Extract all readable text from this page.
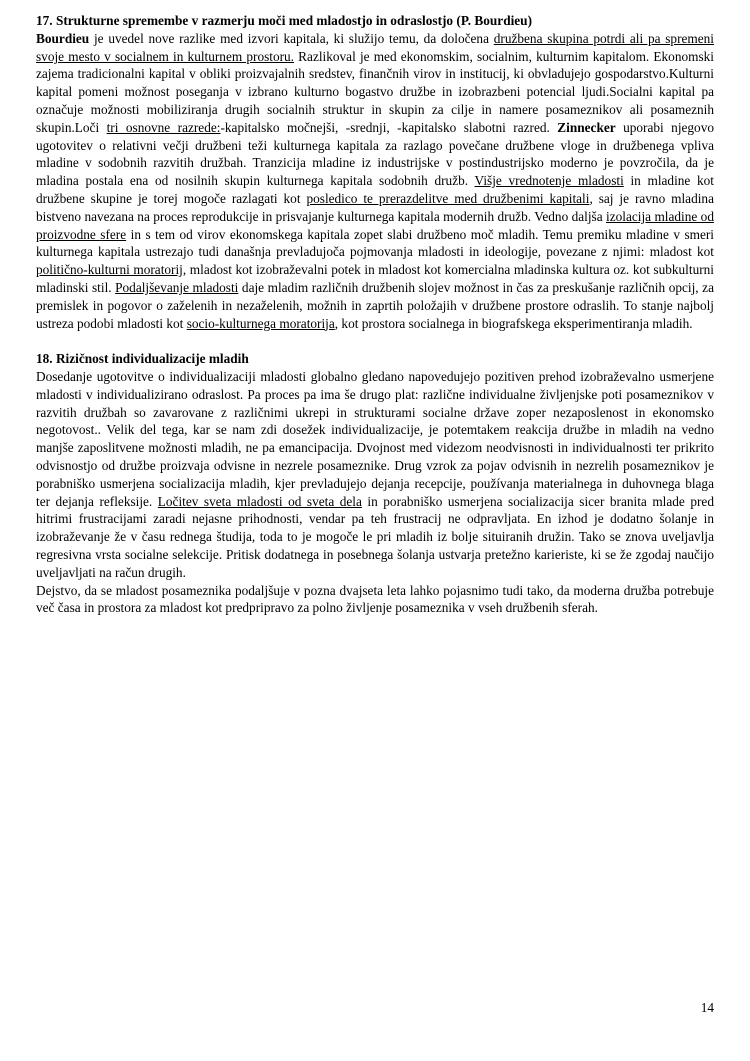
17. Strukturne spremembe v razmerju moči med mladostjo in odraslostjo (P. Bourdieu)

Bourdieu je uvedel nove razlike med izvori kapitala, ki služijo temu, da določena družbena skupina potrdi ali pa spremeni svoje mesto v socialnem in kulturnem prostoru. Razlikoval je med ekonomskim, socialnim, kulturnim kapitalom. Ekonomski zajema tradicionalni kapital v obliki proizvajalnih sredstev, finančnih virov in institucij, ki obvladujejo gospodarstvo.Kulturni kapital pomeni možnost poseganja v izbrano kulturno bogastvo družbe in izobrazbeni potencial ljudi.Socialni kapital pa označuje možnosti mobiliziranja drugih socialnih struktur in skupin za cilje in namere posameznikov ali posameznih skupin.Loči tri osnovne razrede:-kapitalsko močnejši, -srednji, -kapitalsko slabotni razred. Zinnecker uporabi njegovo ugotovitev o relativni večji družbeni teži kulturnega kapitala za razlago povečane družbene vloge in družbenega vpliva mladine v sodobnih razvitih družbah. Tranzicija mladine iz industrijske v postindustrijsko moderno je povzročila, da je mladina postala ena od nosilnih skupin kulturnega kapitala sodobnih družb. Višje vrednotenje mladosti in mladine kot družbene skupine je torej mogoče razlagati kot posledico te prerazdelitve med družbenimi kapitali, saj je ravno mladina bistveno navezana na proces reprodukcije in prisvajanje kulturnega kapitala modernih družb. Vedno daljša izolacija mladine od proizvodne sfere in s tem od virov ekonomskega kapitala zopet slabi družbeno moč mladih. Temu premiku mladine v smeri kulturnega kapitala ustrezajo tudi današnja prevladujoča pojmovanja mladosti in ideologije, povezane z njimi: mladost kot politično-kulturni moratorij, mladost kot izobraževalni potek in mladost kot komercialna mladinska kultura oz. kot subkulturni mladinski stil. Podaljševanje mladosti daje mladim različnih družbenih slojev možnost in čas za preskušanje različnih opcij, za premislek in pogovor o zaželenih in nezaželenih, možnih in zaprtih položajih v družbene prostore odraslih. To stanje najbolj ustreza podobi mladosti kot socio-kulturnega moratorija, kot prostora socialnega in biografskega eksperimentiranja mladih.

18. Rizičnost individualizacije mladih

Dosedanje ugotovitve o individualizaciji mladosti globalno gledano napovedujejo pozitiven prehod izobraževalno usmerjene mladosti v individualizirano odraslost. Pa proces pa ima še drugo plat: različne individualne življenjske poti posameznikov v razvitih družbah so zavarovane z različnimi ukrepi in strukturami socialne države zoper nezaposlenost in ekonomsko negotovost.. Velik del tega, kar se nam zdi dosežek individualizacije, je potemtakem reakcija družbe in mladih na vedno manjše zaposlitvene možnosti mladih, ne pa emancipacija. Dvojnost med videzom neodvisnosti in individualnosti ter prikrito odvisnostjo od družbe proizvaja odvisne in nezrele posameznike. Drug vzrok za pojav odvisnih in nezrelih posameznikov je porabniško usmerjena socializacija mladih, kjer prevladujejo dejanja recepcije, používanja materialnega in duhovnega blaga ter dejanja refleksije. Ločitev sveta mladosti od sveta dela in porabniško usmerjena socializacija sicer branita mlade pred hitrimi frustracijami zaradi nejasne prihodnosti, vendar pa teh frustracij ne odpravljata. En izhod je dodatno šolanje in izobraževanje že v času rednega študija, toda to je mogoče le pri mladih iz bolje situiranih družin. Tako se znova uveljavlja regresivna vrsta socialne selekcije. Pritisk dodatnega in posebnega šolanja ustvarja pretežno karieriste, ki se že zgodaj naučijo uveljavljati na račun drugih.

Dejstvo, da se mladost posameznika podaljšuje v pozna dvajseta leta lahko pojasnimo tudi tako, da moderna družba potrebuje več časa in prostora za mladost kot predpripravo za polno življenje posameznika v vseh družbenih sferah.

14
